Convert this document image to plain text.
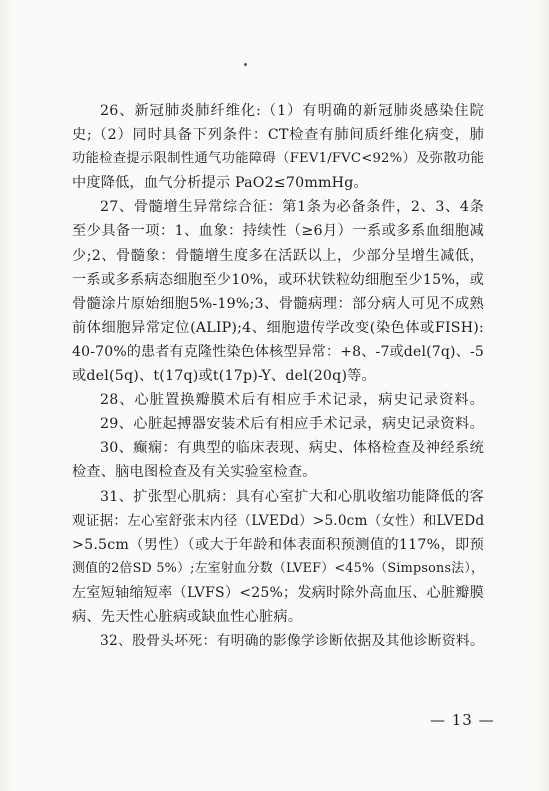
26、新冠肺炎肺纤维化:（1）有明确的新冠肺炎感染住院
史;（2）同时具备下列条件：CT检查有肺间质纤维化病变，肺
功能检查提示限制性通气功能障碍（FEV1/FVC<92%）及弥散功能
中度降低，血气分析提示 PaO2≤70mmHg。
27、骨髓增生异常综合征：第1条为必备条件，2、3、4条
至少具备一项：1、血象：持续性（≥6月）一系或多系血细胞减
少;2、骨髓象：骨髓增生度多在活跃以上，少部分呈增生减低，
一系或多系病态细胞至少10%，或环状铁粒幼细胞至少15%，或
骨髓涂片原始细胞5%-19%;3、骨髓病理：部分病人可见不成熟
前体细胞异常定位(ALIP);4、细胞遗传学改变(染色体或FISH):
40-70%的患者有克隆性染色体核型异常：+8、-7或del(7q)、-5
或del(5q)、t(17q)或t(17p)-Y、del(20q)等。
28、心脏置换瓣膜术后有相应手术记录，病史记录资料。
29、心脏起搏器安装术后有相应手术记录，病史记录资料。
30、癫痫：有典型的临床表现、病史、体格检查及神经系统
检查、脑电图检查及有关实验室检查。
31、扩张型心肌病：具有心室扩大和心肌收缩功能降低的客
观证据：左心室舒张末内径（LVEDd）>5.0cm（女性）和LVEDd
>5.5cm（男性）（或大于年龄和体表面积预测值的117%，即预
测值的2倍SD 5%）;左室射血分数（LVEF）<45%（Simpsons法），
左室短轴缩短率（LVFS）<25%；发病时除外高血压、心脏瓣膜
病、先天性心脏病或缺血性心脏病。
32、股骨头坏死：有明确的影像学诊断依据及其他诊断资料。
— 13 —
